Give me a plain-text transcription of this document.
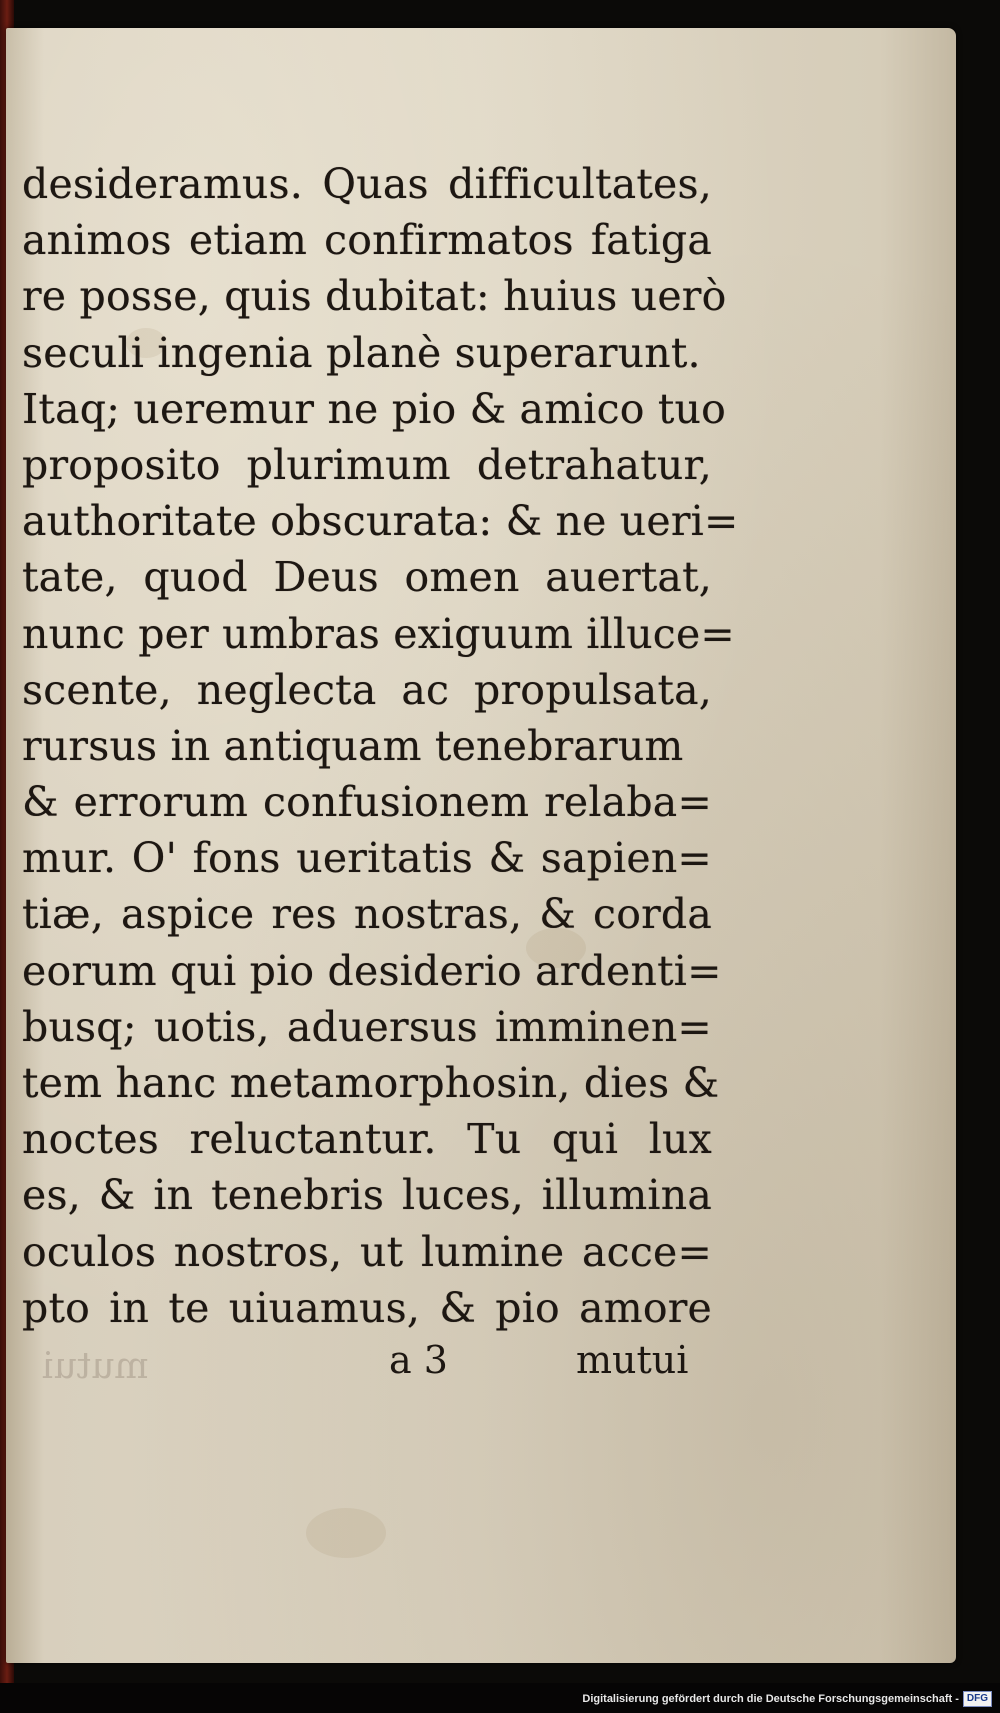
desideramus. Quas difficultates,
animos etiam confirmatos fatiga
re posse, quis dubitat: huius uerò
seculi ingenia planè superarunt.
Itaq; ueremur ne pio & amico tuo
proposito plurimum detrahatur,
authoritate obscurata: & ne ueri=
tate, quod Deus omen auertat,
nunc per umbras exiguum illuce=
scente, neglecta ac propulsata,
rursus in antiquam tenebrarum
& errorum confusionem relaba=
mur. O' fons ueritatis & sapien=
tiæ, aspice res nostras, & corda
eorum qui pio desiderio ardenti=
busq; uotis, aduersus imminen=
tem hanc metamorphosin, dies &
noctes reluctantur. Tu qui lux
es, & in tenebris luces, illumina
oculos nostros, ut lumine acce=
pto in te uiuamus, & pio amore
mutui	a 3	mutui
Digitalisierung gefördert durch die Deutsche Forschungsgemeinschaft - DFG
